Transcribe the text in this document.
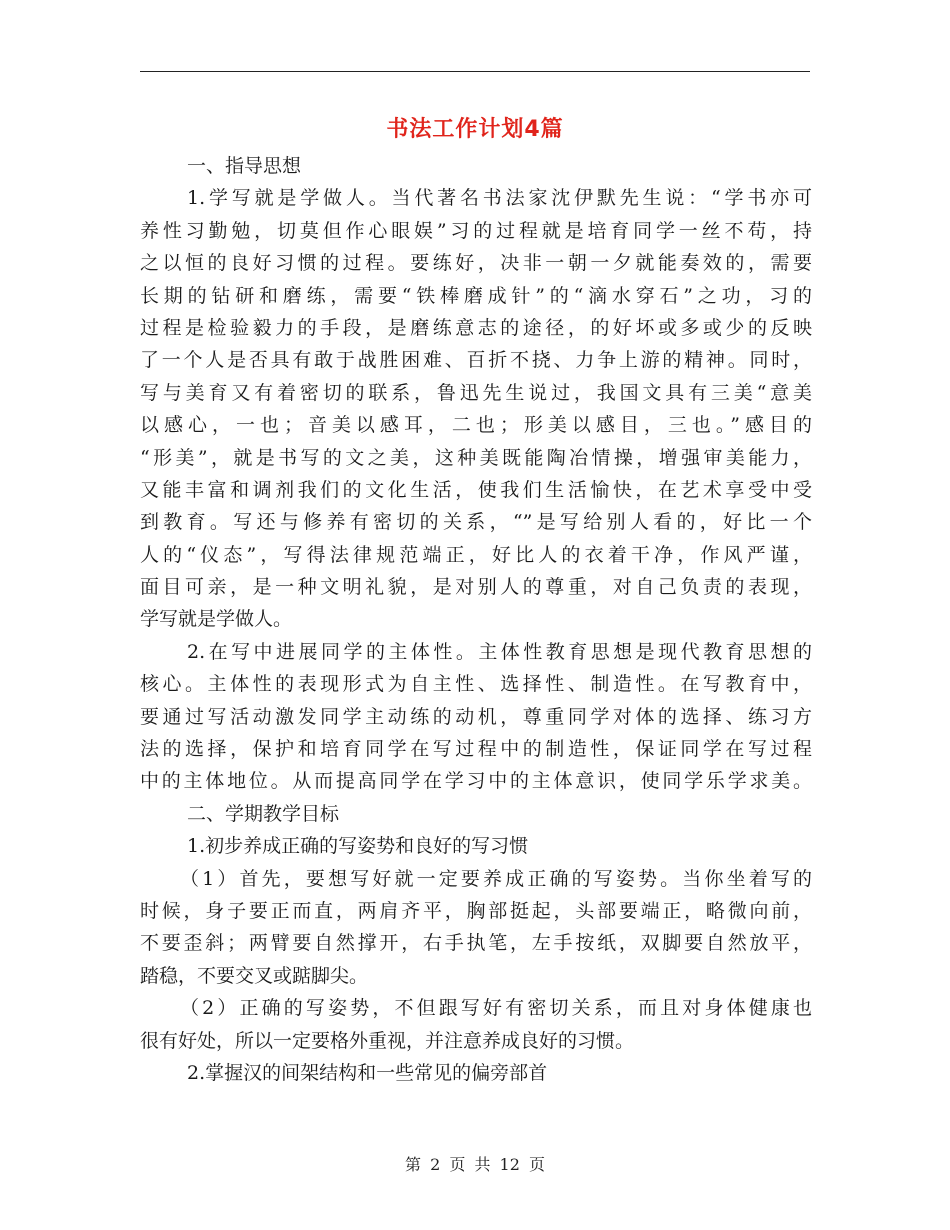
书法工作计划4篇
一、指导思想
1.学写就是学做人。当代著名书法家沈伊默先生说：“学书亦可
养性习勤勉，切莫但作心眼娱”习的过程就是培育同学一丝不苟，持
之以恒的良好习惯的过程。要练好，决非一朝一夕就能奏效的，需要
长期的钻研和磨练，需要“铁棒磨成针”的“滴水穿石”之功，习的
过程是检验毅力的手段，是磨练意志的途径，的好坏或多或少的反映
了一个人是否具有敢于战胜困难、百折不挠、力争上游的精神。同时，
写与美育又有着密切的联系，鲁迅先生说过，我国文具有三美“意美
以感心，一也；音美以感耳，二也；形美以感目，三也。”感目的
“形美”，就是书写的文之美，这种美既能陶冶情操，增强审美能力，
又能丰富和调剂我们的文化生活，使我们生活愉快，在艺术享受中受
到教育。写还与修养有密切的关系，“”是写给别人看的，好比一个
人的“仪态”，写得法律规范端正，好比人的衣着干净，作风严谨，
面目可亲，是一种文明礼貌，是对别人的尊重，对自己负责的表现，
学写就是学做人。
2.在写中进展同学的主体性。主体性教育思想是现代教育思想的
核心。主体性的表现形式为自主性、选择性、制造性。在写教育中，
要通过写活动激发同学主动练的动机，尊重同学对体的选择、练习方
法的选择，保护和培育同学在写过程中的制造性，保证同学在写过程
中的主体地位。从而提高同学在学习中的主体意识，使同学乐学求美。
二、学期教学目标
1.初步养成正确的写姿势和良好的写习惯
（1）首先，要想写好就一定要养成正确的写姿势。当你坐着写的
时候，身子要正而直，两肩齐平，胸部挺起，头部要端正，略微向前，
不要歪斜；两臂要自然撑开，右手执笔，左手按纸，双脚要自然放平，
踏稳，不要交叉或踮脚尖。
（2）正确的写姿势，不但跟写好有密切关系，而且对身体健康也
很有好处，所以一定要格外重视，并注意养成良好的习惯。
2.掌握汉的间架结构和一些常见的偏旁部首
第 2 页 共 12 页
